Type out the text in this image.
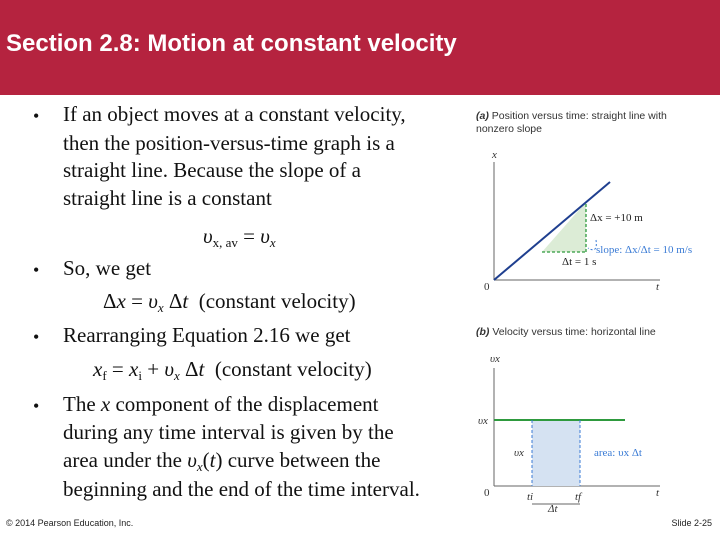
Section 2.8: Motion at constant velocity
• If an object moves at a constant velocity,
then the position-versus-time graph is a
straight line. Because the slope of a
straight line is a constant
$\upsilon_{x, av} = \upsilon_x$
• So, we get
$\Delta x = \upsilon_x$ Δt  (constant velocity)
• Rearranging Equation 2.16 we get
$x_f = x_i + \upsilon_x$ Δt  (constant velocity)
• The x component of the displacement
during any time interval is given by the
area under the $\upsilon_x(t)$ curve between the
beginning and the end of the time interval.
(a) Position versus time: straight line with
nonzero slope
x
0	t
Δx = +10 m
Δt = 1 s
slope: Δx/Δt = 10 m/s
(b) Velocity versus time: horizontal line
υx
0	t
υx
υx	area: υx Δt
ti	tf
Δt
© 2014 Pearson Education, Inc.	Slide 2-25
